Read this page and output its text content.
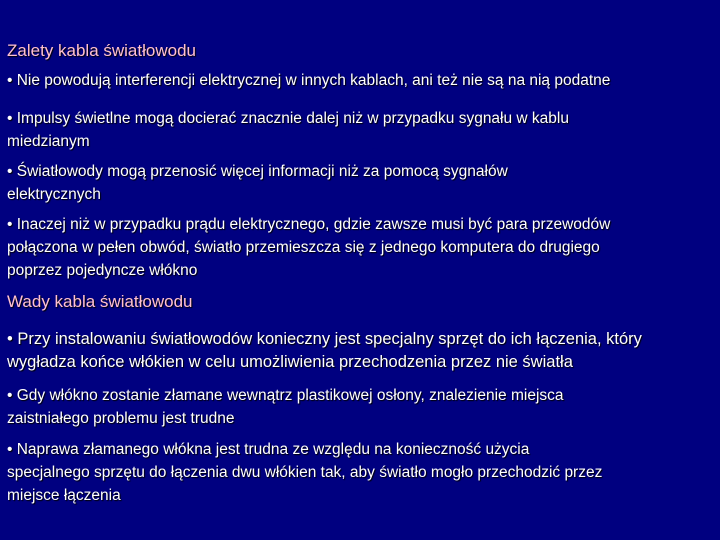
Zalety kabla światłowodu
• Nie powodują interferencji elektrycznej w innych kablach, ani też nie są na nią podatne
• Impulsy świetlne mogą docierać znacznie dalej niż w przypadku sygnału w kablu
miedzianym
• Światłowody mogą przenosić więcej informacji niż za pomocą sygnałów
elektrycznych
• Inaczej niż w przypadku prądu elektrycznego, gdzie zawsze musi być para przewodów
połączona w pełen obwód, światło przemieszcza się z jednego komputera do drugiego
poprzez pojedyncze włókno
Wady kabla światłowodu
• Przy instalowaniu światłowodów konieczny jest specjalny sprzęt do ich łączenia, który
wygładza końce włókien w celu umożliwienia przechodzenia przez nie światła
• Gdy włókno zostanie złamane wewnątrz plastikowej osłony, znalezienie miejsca
zaistniałego problemu jest trudne
• Naprawa złamanego włókna jest trudna ze względu na konieczność użycia
specjalnego sprzętu do łączenia dwu włókien tak, aby światło mogło przechodzić przez
miejsce łączenia
